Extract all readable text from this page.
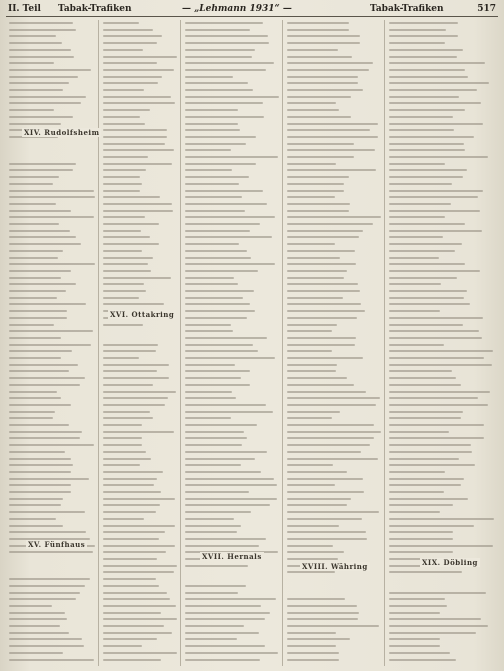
II. Teil Tabak-Trafiken	— „Lehmann 1931“ —	Tabak-Trafiken	517
XIV. Rudolfsheim
XV. Fünfhaus
XVI. Ottakring
XVII. Hernals
XVIII. Währing	XIX. Döbling
